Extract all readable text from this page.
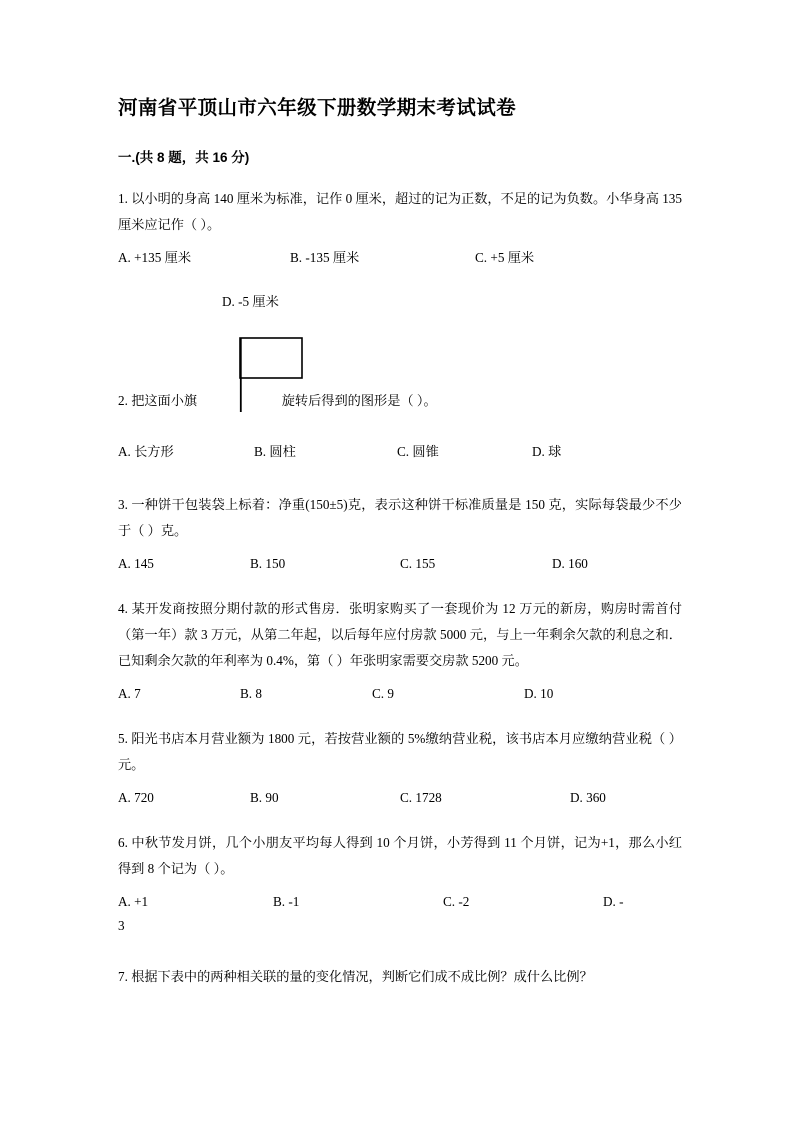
河南省平顶山市六年级下册数学期末考试试卷
一.(共 8 题，共 16 分)
1. 以小明的身高 140 厘米为标准，记作 0 厘米，超过的记为正数，不足的记为负数。小华身高 135 厘米应记作（ ）。
A. +135 厘米	B. -135 厘米	C. +5 厘米
D. -5 厘米
2. 把这面小旗	旋转后得到的图形是（ ）。
A. 长方形	B. 圆柱	C. 圆锥	D. 球
3. 一种饼干包装袋上标着：净重(150±5)克，表示这种饼干标准质量是 150 克，实际每袋最少不少于（ ）克。
A. 145	B. 150	C. 155	D. 160
4. 某开发商按照分期付款的形式售房．张明家购买了一套现价为 12 万元的新房，购房时需首付（第一年）款 3 万元，从第二年起，以后每年应付房款 5000 元，与上一年剩余欠款的利息之和．已知剩余欠款的年利率为 0.4%，第（ ）年张明家需要交房款 5200 元。
A. 7	B. 8	C. 9	D. 10
5. 阳光书店本月营业额为 1800 元，若按营业额的 5%缴纳营业税，该书店本月应缴纳营业税（ ）元。
A. 720	B. 90	C. 1728	D. 360
6. 中秋节发月饼，几个小朋友平均每人得到 10 个月饼，小芳得到 11 个月饼，记为+1，那么小红得到 8 个记为（ ）。
A. +1	B. -1	C. -2	D. -
3
7. 根据下表中的两种相关联的量的变化情况，判断它们成不成比例？成什么比例？
